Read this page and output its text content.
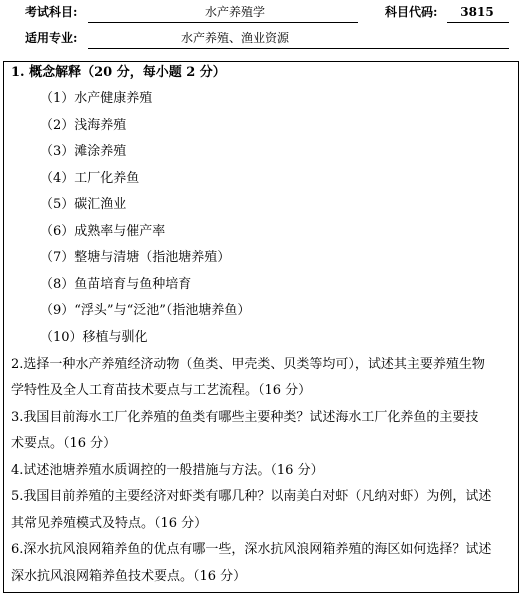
考试科目:	水产养殖学	科目代码:	3815
适用专业:	水产养殖、渔业资源
1. 概念解释（20 分，每小题 2 分）
（1）水产健康养殖
（2）浅海养殖
（3）滩涂养殖
（4）工厂化养鱼
（5）碳汇渔业
（6）成熟率与催产率
（7）整塘与清塘（指池塘养殖）
（8）鱼苗培育与鱼种培育
（9）“浮头”与“泛池”（指池塘养鱼）
（10）移植与驯化
2.选择一种水产养殖经济动物（鱼类、甲壳类、贝类等均可），试述其主要养殖生物
学特性及全人工育苗技术要点与工艺流程。（16 分）
3.我国目前海水工厂化养殖的鱼类有哪些主要种类？试述海水工厂化养鱼的主要技
术要点。（16 分）
4.试述池塘养殖水质调控的一般措施与方法。（16 分）
5.我国目前养殖的主要经济对虾类有哪几种？以南美白对虾（凡纳对虾）为例，试述
其常见养殖模式及特点。（16 分）
6.深水抗风浪网箱养鱼的优点有哪一些，深水抗风浪网箱养殖的海区如何选择？试述
深水抗风浪网箱养鱼技术要点。（16 分）
